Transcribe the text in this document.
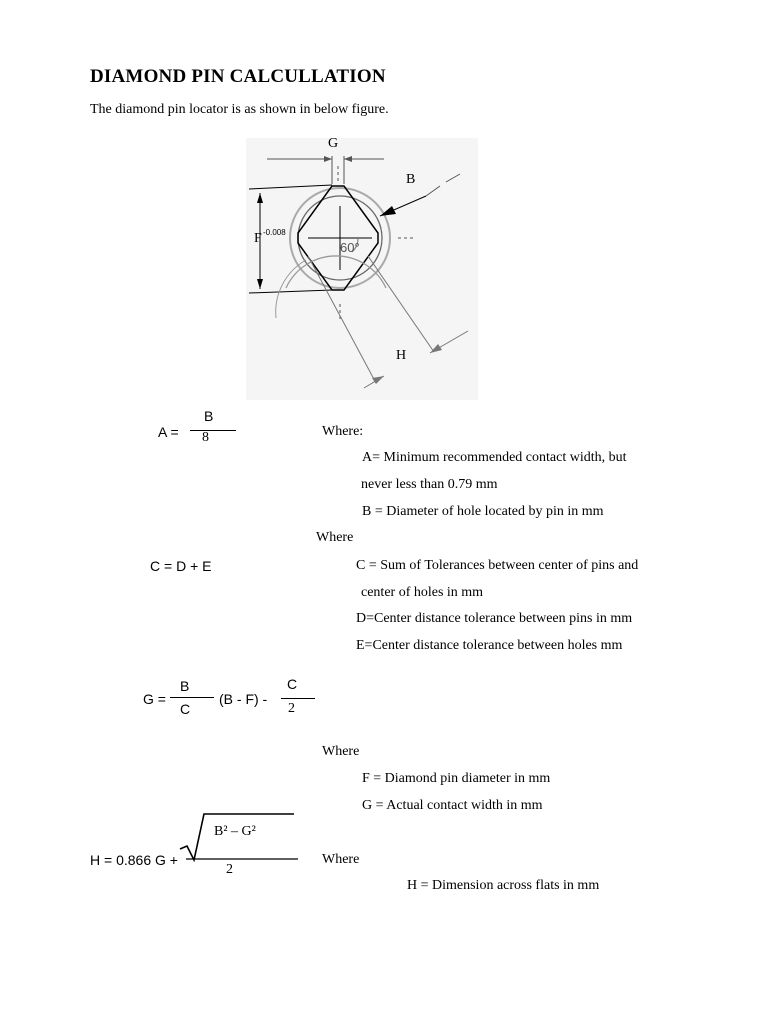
DIAMOND PIN CALCULLATION
The diamond pin locator is as shown in below figure.
G
B
F -0.008
60°
H
A =
B
8	Where:
A= Minimum recommended contact width, but
never less than 0.79 mm
B = Diameter of hole located by pin in mm
Where
C = D + E	C = Sum of Tolerances between center of pins and
center of holes in mm
D=Center distance tolerance between pins in mm
E=Center distance tolerance between holes mm
G =
B
C
(B - F) -
C
2
Where
F = Diamond pin diameter in mm
G = Actual contact width in mm
B² – G²
H = 0.866 G +
2
Where
H = Dimension across flats in mm
